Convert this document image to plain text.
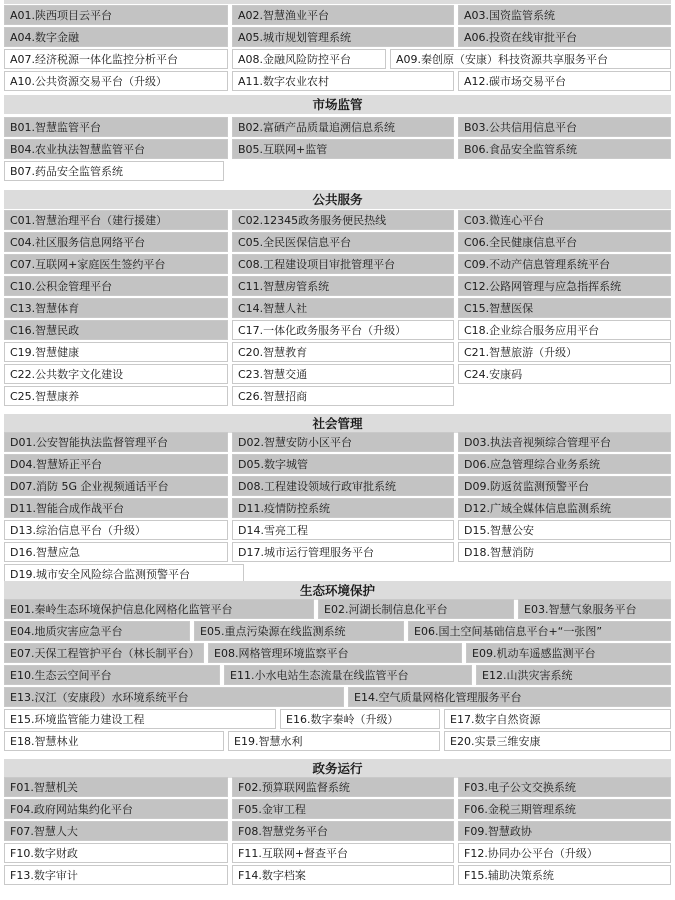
A01.陕西项目云平台	A02.智慧渔业平台	A03.国资监管系统
A04.数字金融	A05.城市规划管理系统	A06.投资在线审批平台
A07.经济税源一体化监控分析平台	A08.金融风险防控平台	A09.秦创原（安康）科技资源共享服务平台
A10.公共资源交易平台（升级）	A11.数字农业农村	A12.碳市场交易平台
市场监管
B01.智慧监管平台	B02.富硒产品质量追溯信息系统	B03.公共信用信息平台
B04.农业执法智慧监管平台	B05.互联网+监管	B06.食品安全监管系统
B07.药品安全监管系统
公共服务
C01.智慧治理平台（建行援建）	C02.12345政务服务便民热线	C03.微连心平台
C04.社区服务信息网络平台	C05.全民医保信息平台	C06.全民健康信息平台
C07.互联网+家庭医生签约平台	C08.工程建设项目审批管理平台	C09.不动产信息管理系统平台
C10.公积金管理平台	C11.智慧房管系统	C12.公路网管理与应急指挥系统
C13.智慧体育	C14.智慧人社	C15.智慧医保
C16.智慧民政	C17.一体化政务服务平台（升级）	C18.企业综合服务应用平台
C19.智慧健康	C20.智慧教育	C21.智慧旅游（升级）
C22.公共数字文化建设	C23.智慧交通	C24.安康码
C25.智慧康养	C26.智慧招商
社会管理
D01.公安智能执法监督管理平台	D02.智慧安防小区平台	D03.执法音视频综合管理平台
D04.智慧矫正平台	D05.数字城管	D06.应急管理综合业务系统
D07.消防 5G 企业视频通话平台	D08.工程建设领域行政审批系统	D09.防返贫监测预警平台
D11.智能合成作战平台	D11.疫情防控系统	D12.广域全媒体信息监测系统
D13.综治信息平台（升级）	D14.雪亮工程	D15.智慧公安
D16.智慧应急	D17.城市运行管理服务平台	D18.智慧消防
D19.城市安全风险综合监测预警平台
生态环境保护
E01.秦岭生态环境保护信息化网格化监管平台	E02.河湖长制信息化平台	E03.智慧气象服务平台
E04.地质灾害应急平台	E05.重点污染源在线监测系统	E06.国土空间基础信息平台+“一张图”
E07.天保工程管护平台（林长制平台）	E08.网格管理环境监察平台	E09.机动车遥感监测平台
E10.生态云空间平台	E11.小水电站生态流量在线监管平台	E12.山洪灾害系统
E13.汉江（安康段）水环境系统平台	E14.空气质量网格化管理服务平台
E15.环境监管能力建设工程	E16.数字秦岭（升级）	E17.数字自然资源
E18.智慧林业	E19.智慧水利	E20.实景三维安康
政务运行
F01.智慧机关	F02.预算联网监督系统	F03.电子公文交换系统
F04.政府网站集约化平台	F05.金审工程	F06.金税三期管理系统
F07.智慧人大	F08.智慧党务平台	F09.智慧政协
F10.数字财政	F11.互联网+督查平台	F12.协同办公平台（升级）
F13.数字审计	F14.数字档案	F15.辅助决策系统
